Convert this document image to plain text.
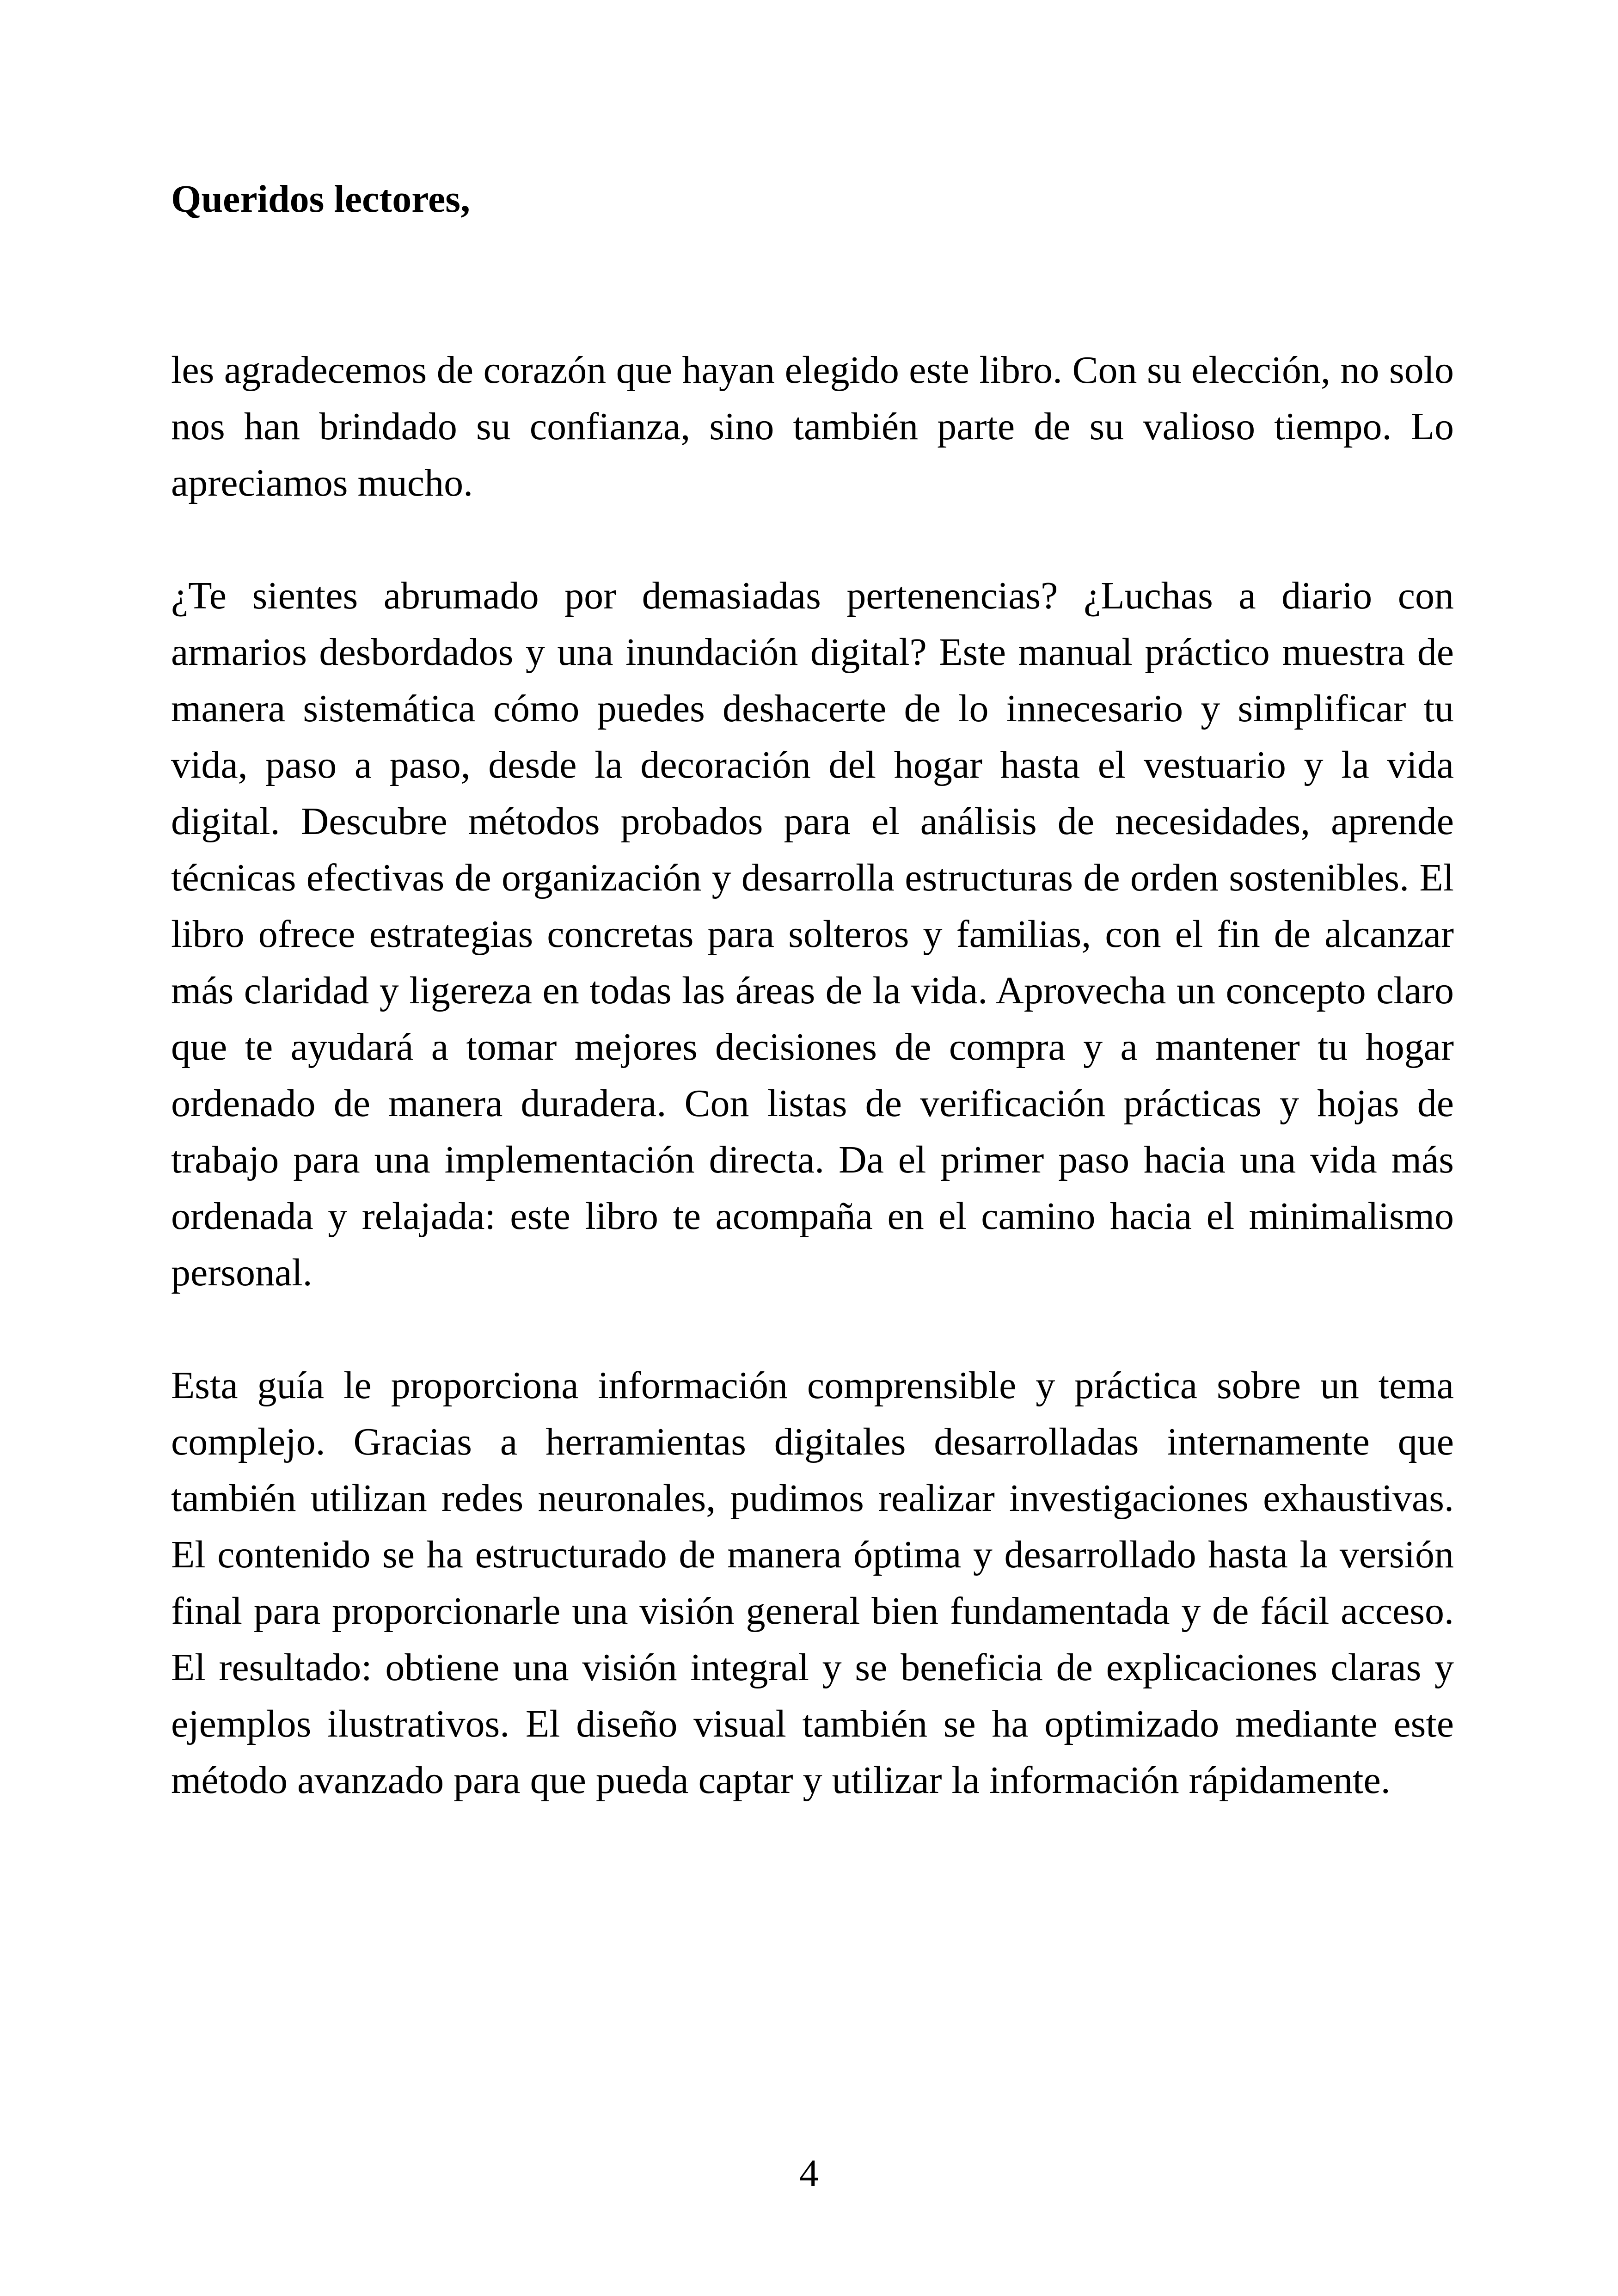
Queridos lectores,

les agradecemos de corazón que hayan elegido este libro. Con su elección, no solo nos han brindado su confianza, sino también parte de su valioso tiempo. Lo apreciamos mucho.

¿Te sientes abrumado por demasiadas pertenencias? ¿Luchas a diario con armarios desbordados y una inundación digital? Este manual práctico muestra de manera sistemática cómo puedes deshacerte de lo innecesario y simplificar tu vida, paso a paso, desde la decoración del hogar hasta el vestuario y la vida digital. Descubre métodos probados para el análisis de necesidades, aprende técnicas efectivas de organización y desarrolla estructuras de orden sostenibles. El libro ofrece estrategias concretas para solteros y familias, con el fin de alcanzar más claridad y ligereza en todas las áreas de la vida. Aprovecha un concepto claro que te ayudará a tomar mejores decisiones de compra y a mantener tu hogar ordenado de manera duradera. Con listas de verificación prácticas y hojas de trabajo para una implementación directa. Da el primer paso hacia una vida más ordenada y relajada: este libro te acompaña en el camino hacia el minimalismo personal.

Esta guía le proporciona información comprensible y práctica sobre un tema complejo. Gracias a herramientas digitales desarrolladas internamente que también utilizan redes neuronales, pudimos realizar investigaciones exhaustivas. El contenido se ha estructurado de manera óptima y desarrollado hasta la versión final para proporcionarle una visión general bien fundamentada y de fácil acceso. El resultado: obtiene una visión integral y se beneficia de explicaciones claras y ejemplos ilustrativos. El diseño visual también se ha optimizado mediante este método avanzado para que pueda captar y utilizar la información rápidamente.

4
